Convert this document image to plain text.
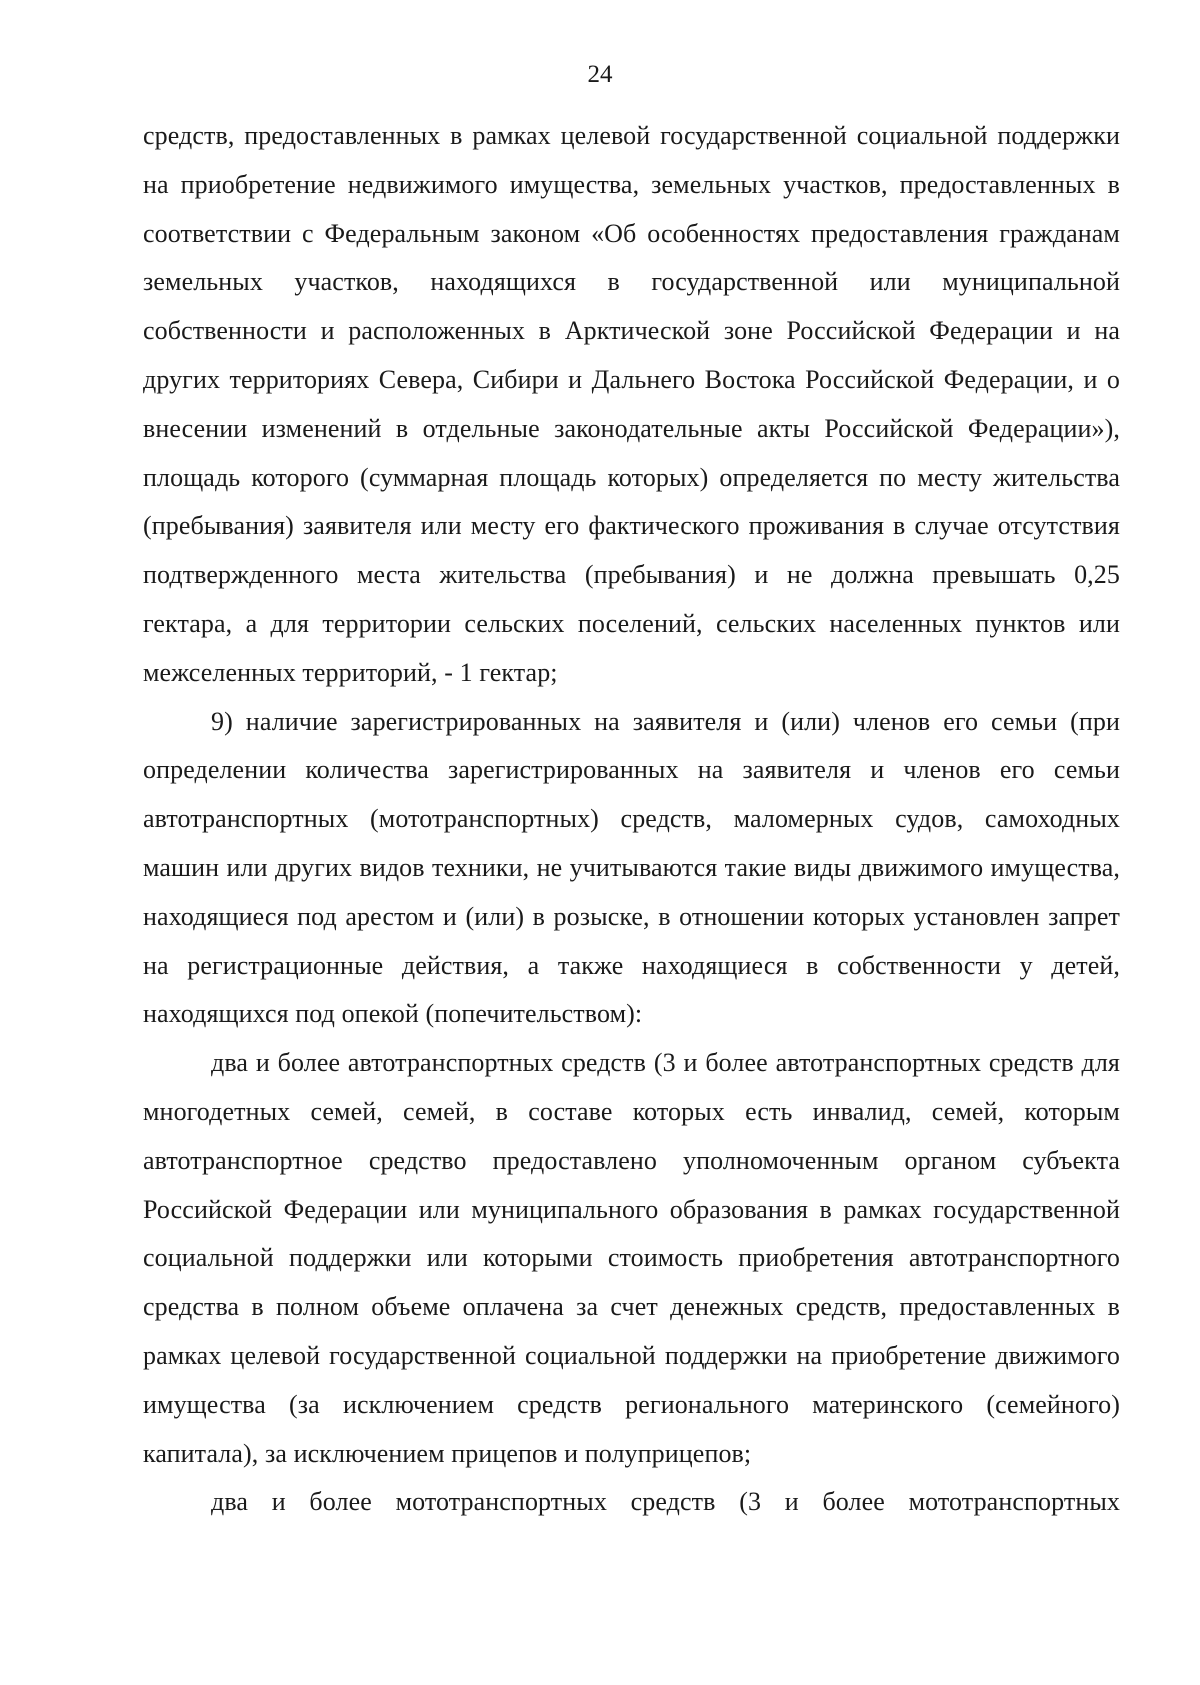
24

средств, предоставленных в рамках целевой государственной социальной поддержки на приобретение недвижимого имущества, земельных участков, предоставленных в соответствии с Федеральным законом «Об особенностях предоставления гражданам земельных участков, находящихся в государственной или муниципальной собственности и расположенных в Арктической зоне Российской Федерации и на других территориях Севера, Сибири и Дальнего Востока Российской Федерации, и о внесении изменений в отдельные законодательные акты Российской Федерации»), площадь которого (суммарная площадь которых) определяется по месту жительства (пребывания) заявителя или месту его фактического проживания в случае отсутствия подтвержденного места жительства (пребывания) и не должна превышать 0,25 гектара, а для территории сельских поселений, сельских населенных пунктов или межселенных территорий, - 1 гектар;

9) наличие зарегистрированных на заявителя и (или) членов его семьи (при определении количества зарегистрированных на заявителя и членов его семьи автотранспортных (мототранспортных) средств, маломерных судов, самоходных машин или других видов техники, не учитываются такие виды движимого имущества, находящиеся под арестом и (или) в розыске, в отношении которых установлен запрет на регистрационные действия, а также находящиеся в собственности у детей, находящихся под опекой (попечительством):

два и более автотранспортных средств (3 и более автотранспортных средств для многодетных семей, семей, в составе которых есть инвалид, семей, которым автотранспортное средство предоставлено уполномоченным органом субъекта Российской Федерации или муниципального образования в рамках государственной социальной поддержки или которыми стоимость приобретения автотранспортного средства в полном объеме оплачена за счет денежных средств, предоставленных в рамках целевой государственной социальной поддержки на приобретение движимого имущества (за исключением средств регионального материнского (семейного) капитала), за исключением прицепов и полуприцепов;

два и более мототранспортных средств (3 и более мототранспортных
